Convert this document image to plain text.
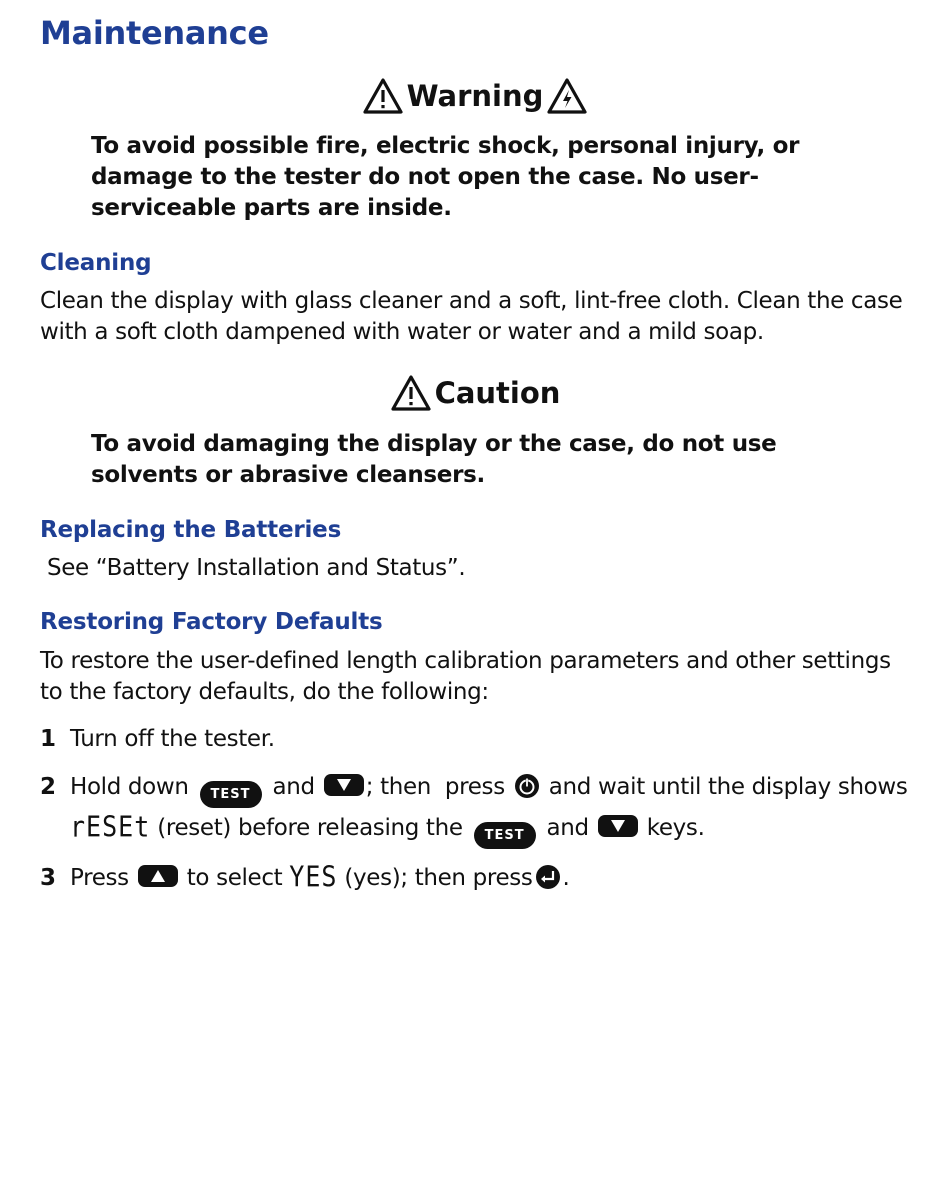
Maintenance
Warning

To avoid possible fire, electric shock, personal injury, or damage to the tester do not open the case. No user-serviceable parts are inside.

Cleaning

Clean the display with glass cleaner and a soft, lint-free cloth. Clean the case with a soft cloth dampened with water or water and a mild soap.

Caution

To avoid damaging the display or the case, do not use solvents or abrasive cleansers.

Replacing the Batteries

See “Battery Installation and Status”.

Restoring Factory Defaults

To restore the user-defined length calibration parameters and other settings to the factory defaults, do the following:

1 Turn off the tester.
2 Hold down TEST and ; then  press and wait until the display shows
rESEt (reset) before releasing the TEST and	keys.
3 Press	to select YES (yes); then press .
